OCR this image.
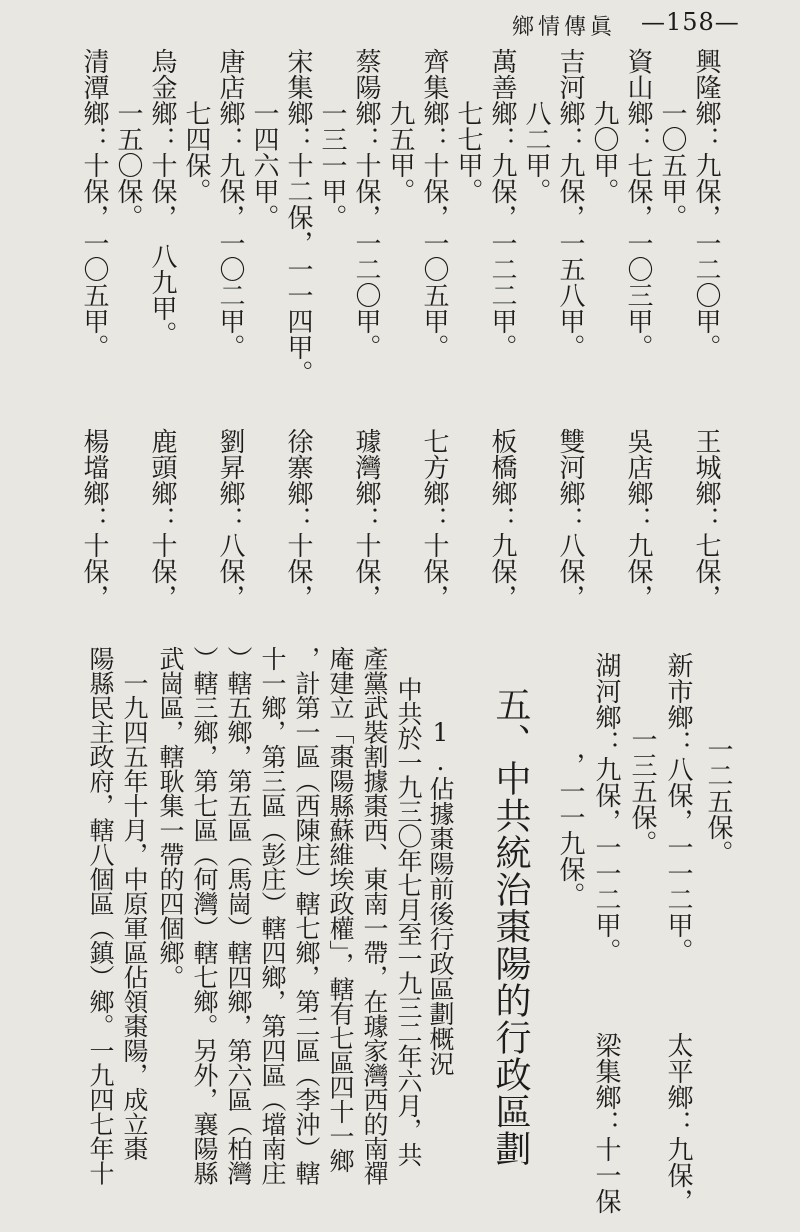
鄉情傳眞 —158—
興隆鄉：九保，一二〇甲。
王城鄉：七保，
　　一〇五甲。
資山鄉：七保，一〇三甲。
吳店鄉：九保，
　　九〇甲。
吉河鄉：九保，一五八甲。
雙河鄉：八保，
　　八二甲。
萬善鄉：九保，一二二甲。
板橋鄉：九保，
　　七七甲。
齊集鄉：十保，一〇五甲。
七方鄉：十保，
　　九五甲。
蔡陽鄉：十保，一二〇甲。
璩灣鄉：十保，
　　一三一甲。
宋集鄉：十二保，一一四甲。
徐寨鄉：十保，
　　一四六甲。
唐店鄉：九保，一〇二甲。
劉昇鄉：八保，
　　七四保。
烏金鄉：十保，　八九甲。
鹿頭鄉：十保，
　　一五〇保。
清潭鄉：十保，一〇五甲。
楊壋鄉：十保，
一二五保。
新市鄉：八保，一一二甲。
太平鄉：九保，
　一三五保。
湖河鄉：九保，一一二甲。
梁集鄉：十一保
　　，一一九保。
五、中共統治棗陽的行政區劃
1.佔據棗陽前後行政區劃概況
　中共於一九三〇年七月至一九三二年六月，共
產黨武裝割據棗西、東南一帶，在璩家灣西的南禪
庵建立「棗陽縣蘇維埃政權」，轄有七區四十一鄉
，計第一區（西陳庄）轄七鄉，第二區（李沖）轄
十一鄉，第三區（彭庄）轄四鄉，第四區（壋南庄
）轄五鄉，第五區（馬崗）轄四鄉，第六區（柏灣
）轄三鄉，第七區（何灣）轄七鄉。另外，襄陽縣
武崗區，轄耿集一帶的四個鄉。
　一九四五年十月，中原軍區佔領棗陽，成立棗
陽縣民主政府，轄八個區（鎮）鄉。一九四七年十
